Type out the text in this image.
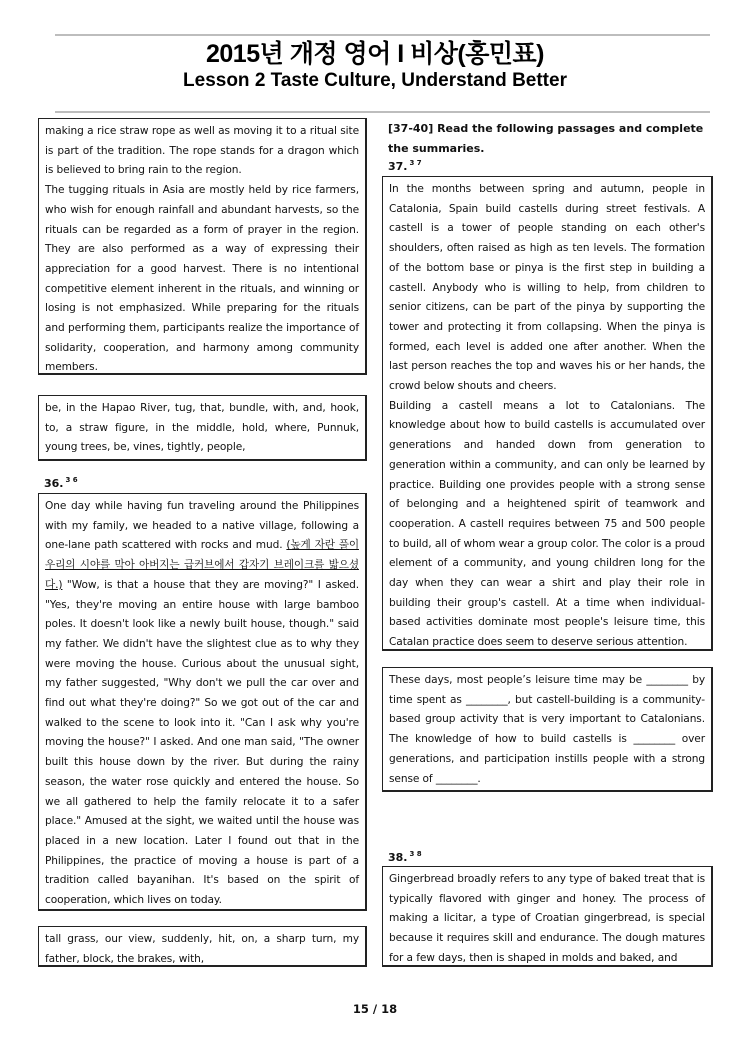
2015년 개정 영어 I 비상(홍민표)
Lesson 2 Taste Culture, Understand Better

making a rice straw rope as well as moving it to a ritual site is part of the tradition. The rope stands for a dragon which is believed to bring rain to the region.

The tugging rituals in Asia are mostly held by rice farmers, who wish for enough rainfall and abundant harvests, so the rituals can be regarded as a form of prayer in the region. They are also performed as a way of expressing their appreciation for a good harvest. There is no intentional competitive element inherent in the rituals, and winning or losing is not emphasized. While preparing for the rituals and performing them, participants realize the importance of solidarity, cooperation, and harmony among community members.

be, in the Hapao River, tug, that, bundle, with, and, hook, to, a straw figure, in the middle, hold, where, Punnuk, young trees, be, vines, tightly, people,

36. $^{3 6}$

One day while having fun traveling around the Philippines with my family, we headed to a native village, following a one-lane path scattered with rocks and mud. (높게 자란 풀이 우리의 시야를 막아 아버지는 급커브에서 갑자기 브레이크를 밟으셨다.) "Wow, is that a house that they are moving?" I asked. "Yes, they're moving an entire house with large bamboo poles. It doesn't look like a newly built house, though." said my father. We didn't have the slightest clue as to why they were moving the house. Curious about the unusual sight, my father suggested, "Why don't we pull the car over and find out what they're doing?" So we got out of the car and walked to the scene to look into it. "Can I ask why you're moving the house?" I asked. And one man said, "The owner built this house down by the river. But during the rainy season, the water rose quickly and entered the house. So we all gathered to help the family relocate it to a safer place." Amused at the sight, we waited until the house was placed in a new location. Later I found out that in the Philippines, the practice of moving a house is part of a tradition called bayanihan. It's based on the spirit of cooperation, which lives on today.

tall grass, our view, suddenly, hit, on, a sharp turn, my father, block, the brakes, with,

[37-40] Read the following passages and complete the summaries.
37. $^{3 7}$

In the months between spring and autumn, people in Catalonia, Spain build castells during street festivals. A castell is a tower of people standing on each other's shoulders, often raised as high as ten levels. The formation of the bottom base or pinya is the first step in building a castell. Anybody who is willing to help, from children to senior citizens, can be part of the pinya by supporting the tower and protecting it from collapsing. When the pinya is formed, each level is added one after another. When the last person reaches the top and waves his or her hands, the crowd below shouts and cheers.

Building a castell means a lot to Catalonians. The knowledge about how to build castells is accumulated over generations and handed down from generation to generation within a community, and can only be learned by practice. Building one provides people with a strong sense of belonging and a heightened spirit of teamwork and cooperation. A castell requires between 75 and 500 people to build, all of whom wear a group color. The color is a proud element of a community, and young children long for the day when they can wear a shirt and play their role in building their group's castell. At a time when individual-based activities dominate most people's leisure time, this Catalan practice does seem to deserve serious attention.

These days, most people’s leisure time may be ________ by time spent as ________, but castell-building is a community-based group activity that is very important to Catalonians. The knowledge of how to build castells is ________ over generations, and participation instills people with a strong sense of ________.

38. $^{3 8}$

Gingerbread broadly refers to any type of baked treat that is typically flavored with ginger and honey. The process of making a licitar, a type of Croatian gingerbread, is special because it requires skill and endurance. The dough matures for a few days, then is shaped in molds and baked, and

15 / 18
